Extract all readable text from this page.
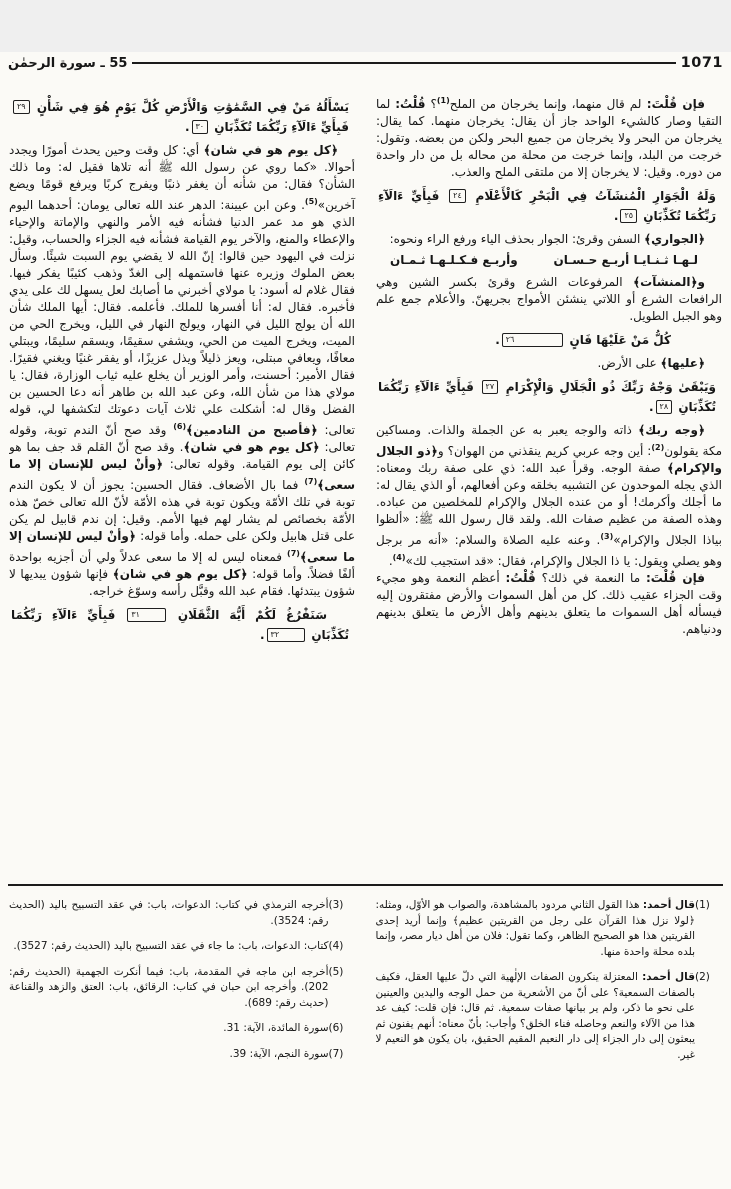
1071
55 ـ سورة الرحمٰن

فإن قُلْتَ: لم قال منهما، وإنما يخرجان من الملح$^{(1)}$؟ قُلْتُ: لما التقيا وصار كالشيء الواحد جاز أن يقال: يخرجان منهما. كما يقال: يخرجان من البحر ولا يخرجان من جميع البحر ولكن من بعضه. وتقول: خرجت من البلد، وإنما خرجت من محلة من محاله بل من دار واحدة من دوره. وقيل: لا يخرجان إلا من ملتقى الملح والعذب.

وَلَهُ الْجَوَارِ الْمُنشَآتُ فِي الْبَحْرِ كَالْأَعْلَامِ ٢٤ فَبِأَيِّ ءَالَآءِ رَبِّكُمَا تُكَذِّبَانِ ٢٥.

﴿الجواري﴾ السفن وقرئ: الجوار بحذف الياء ورفع الراء ونحوه:

لـهـا ثـنـايـا أربـع حـسـان
وأربـع فـكـلـهـا ثـمـان

و﴿المنشآت﴾ المرفوعات الشرع وقرئ بكسر الشين وهي الرافعات الشرع أو اللاتي ينشئن الأمواج بجريهنّ. والأعلام جمع علم وهو الجبل الطويل.

كُلُّ مَنْ عَلَيْهَا فَانٍ ٢٦.

﴿عليها﴾ على الأرض.

وَيَبْقَىٰ وَجْهُ رَبِّكَ ذُو الْجَلَالِ وَالْإِكْرَامِ ٢٧ فَبِأَيِّ ءَالَآءِ رَبِّكُمَا تُكَذِّبَانِ ٢٨.

﴿وجه ربك﴾ ذاته والوجه يعبر به عن الجملة والذات. ومساكين مكة يقولون$^{(2)}$: أين وجه عربي كريم ينقذني من الهوان؟ و﴿ذو الجلال والإكرام﴾ صفة الوجه. وقرأ عبد الله: ذي على صفة ربك ومعناه: الذي يجله الموحدون عن التشبيه بخلقه وعن أفعالهم، أو الذي يقال له: ما أجلك وأكرمك! أو من عنده الجلال والإكرام للمخلصين من عباده. وهذه الصفة من عظيم صفات الله. ولقد قال رسول الله ﷺ: «ألظوا بياذا الجلال والإكرام»$^{(3)}$. وعنه عليه الصلاة والسلام: «أنه مر برجل وهو يصلي ويقول: يا ذا الجلال والإكرام، فقال: «قد استجيب لك»$^{(4)}$.

فإن قُلْتَ: ما النعمة في ذلك؟ قُلْتُ: أعظم النعمة وهو مجيء وقت الجزاء عقيب ذلك. كل من أهل السموات والأرض مفتقرون إليه فيسأله أهل السموات ما يتعلق بدينهم وأهل الأرض ما يتعلق بدينهم ودنياهم.

يَسْأَلُهُ مَنْ فِي السَّمَٰوَٰتِ وَالْأَرْضِ كُلَّ يَوْمٍ هُوَ فِي شَأْنٍ ٢٩ فَبِأَيِّ ءَالَآءِ رَبِّكُمَا تُكَذِّبَانِ ٣٠.

﴿كل يوم هو في شان﴾ أي: كل وقت وحين يحدث أمورًا ويجدد أحوالا. «كما روي عن رسول الله ﷺ أنه تلاها فقيل له: وما ذلك الشأن؟ فقال: من شأنه أن يغفر ذنبًا ويفرج كربًا ويرفع قومًا ويضع آخرين»$^{(5)}$. وعن ابن عيينة: الدهر عند الله تعالى يومان: أحدهما اليوم الذي هو مد عمر الدنيا فشأنه فيه الأمر والنهي والإماتة والإحياء والإعطاء والمنع، والآخر يوم القيامة فشأنه فيه الجزاء والحساب، وقيل: نزلت في اليهود حين قالوا: إنّ الله لا يقضي يوم السبت شيئًا. وسأل بعض الملوك وزيره عنها فاستمهله إلى الغدّ وذهب كئيبًا يفكر فيها. فقال غلام له أسود: يا مولاي أخبرني ما أصابك لعل يسهل لك على يدي فأخبره. فقال له: أنا أفسرها للملك. فأعلمه. فقال: أيها الملك شأن الله أن يولج الليل في النهار، ويولج النهار في الليل، ويخرج الحي من الميت، ويخرج الميت من الحي، ويشفي سقيمًا، ويسقم سليمًا، ويبتلي معافًا، ويعافي مبتلى، ويعز ذليلاً ويذل عزيزًا، أو يفقر غنيًا ويغني فقيرًا. فقال الأمير: أحسنت، وأمر الوزير أن يخلع عليه ثياب الوزارة، فقال: يا مولاي هذا من شأن الله، وعن عبد الله بن طاهر أنه دعا الحسين بن الفضل وقال له: أشكلت علي ثلاث آيات دعوتك لتكشفها لي، قوله تعالى: ﴿فأصبح من النادمين﴾$^{(6)}$ وقد صح أنّ الندم توبة، وقوله تعالى: ﴿كل يوم هو في شان﴾. وقد صح أنّ القلم قد جف بما هو كائن إلى يوم القيامة. وقوله تعالى: ﴿وأنْ ليس للإنسان إلا ما سعى﴾$^{(7)}$ فما بال الأضعاف. فقال الحسين: يجوز أن لا يكون الندم توبة في تلك الأمّة ويكون توبة في هذه الأمّة لأنّ الله تعالى خصّ هذه الأمّة بخصائص لم يشار لهم فيها الأمم. وقيل: إن ندم قابيل لم يكن على قتل هابيل ولكن على حمله. وأما قوله: ﴿وأنْ ليس للإنسان إلا ما سعى﴾$^{(7)}$ فمعناه ليس له إلا ما سعى عدلاً ولي أن أجزيه بواحدة ألفًا فضلاً. وأما قوله: ﴿كل يوم هو في شان﴾ فإنها شؤون يبديها لا شؤون يبتدئها. فقام عبد الله وقبَّل رأسه وسوّغ خراجه.

سَنَفْرُغُ لَكُمْ أَيُّهَ الثَّقَلَانِ ٣١ فَبِأَيِّ ءَالَآءِ رَبِّكُمَا تُكَذِّبَانِ ٣٢.
(1)
قال أحمد: هذا القول الثاني مردود بالمشاهدة، والصواب هو الأوّل، ومثله: ﴿لولا نزل هذا القرآن على رجل من القريتين عظيم﴾ وإنما أريد إحدى القريتين هذا هو الصحيح الظاهر، وكما تقول: فلان من أهل ديار مصر، وإنما بلده محلة واحدة منها.
(2)
قال أحمد: المعتزلة ينكرون الصفات الإلٰهية التي دلّ عليها العقل، فكيف بالصفات السمعية؟ على أنّ من الأشعرية من حمل الوجه واليدين والعينين على نحو ما ذكر، ولم ير بيانها صفات سمعية. ثم قال: فإن قلت: كيف عد هذا من الآلاء والنعم وحاصله فناء الخلق؟ وأجاب: بأنّ معناه: أنهم يفنون ثم يبعثون إلى دار الجزاء إلى دار النعيم المقيم الحقيق، بان يكون هو النعيم لا غير.
(3)
أخرجه الترمذي في كتاب: الدعوات، باب: في عقد التسبيح باليد (الحديث رقم: 3524).
(4)
كتاب: الدعوات، باب: ما جاء في عقد التسبيح باليد (الحديث رقم: 3527).
(5)
أخرجه ابن ماجه في المقدمة، باب: فيما أنكرت الجهمية (الحديث رقم: 202). وأخرجه ابن حبان في كتاب: الرقائق، باب: العتق والزهد والقناعة (حديث رقم: 689).
(6)
سورة المائدة، الآية: 31.
(7)
سورة النجم، الآية: 39.
